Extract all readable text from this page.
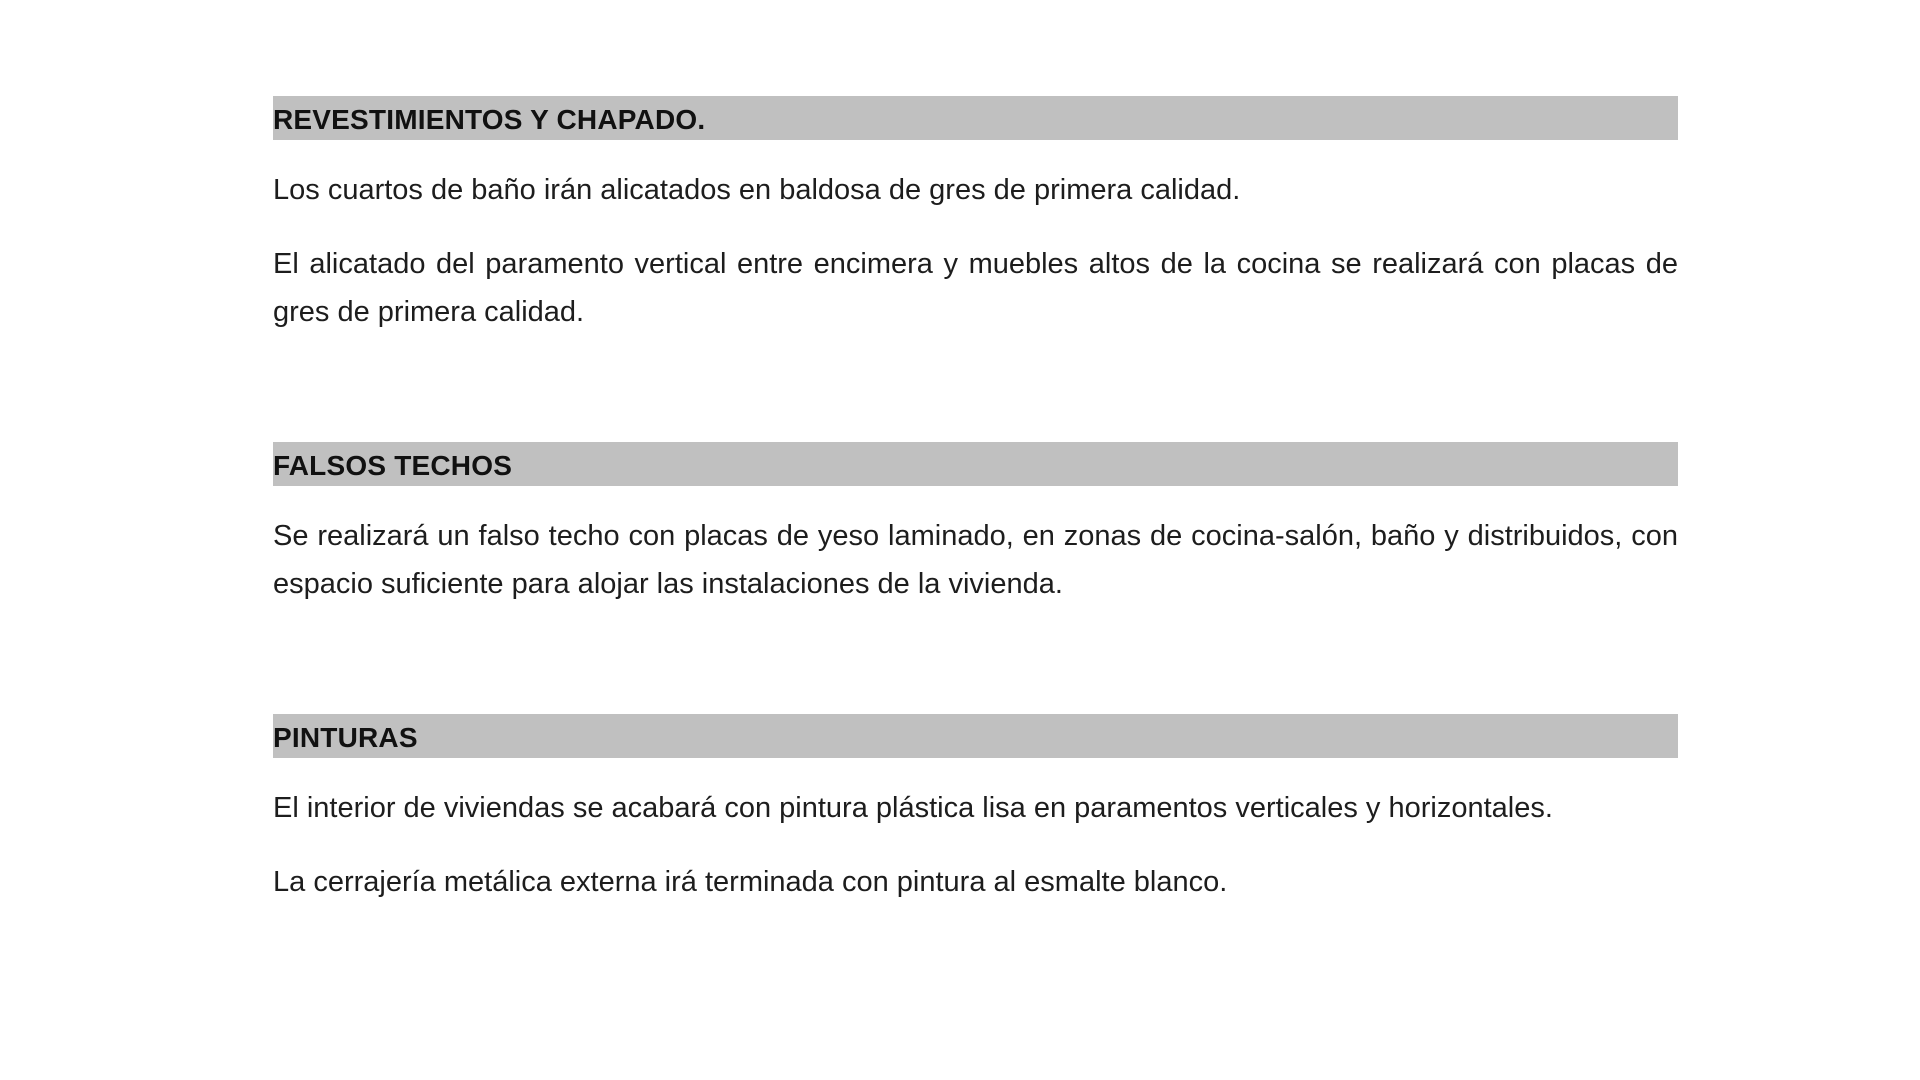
REVESTIMIENTOS Y CHAPADO.

Los cuartos de baño irán alicatados en baldosa de gres de primera calidad.

El alicatado del paramento vertical entre encimera y muebles altos de la cocina se realizará con placas de gres de primera calidad.

FALSOS TECHOS

Se realizará un falso techo con placas de yeso laminado, en zonas de cocina-salón, baño y distribuidos, con espacio suficiente para alojar las instalaciones de la vivienda.

PINTURAS

El interior de viviendas se acabará con pintura plástica lisa en paramentos verticales y horizontales.

La cerrajería metálica externa irá terminada con pintura al esmalte blanco.
